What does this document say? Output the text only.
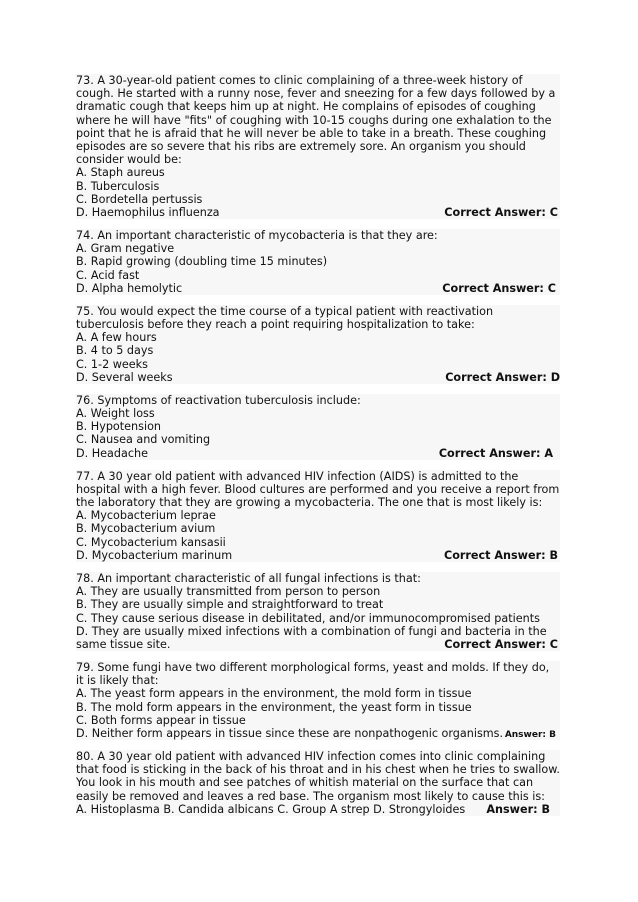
73. A 30-year-old patient comes to clinic complaining of a three-week history of cough. He started with a runny nose, fever and sneezing for a few days followed by a dramatic cough that keeps him up at night. He complains of episodes of coughing where he will have "fits" of coughing with 10-15 coughs during one exhalation to the point that he is afraid that he will never be able to take in a breath. These coughing episodes are so severe that his ribs are extremely sore. An organism you should consider would be:

A. Staph aureus
B. Tuberculosis
C. Bordetella pertussis
D. Haemophilus influenza	Correct Answer: C

74. An important characteristic of mycobacteria is that they are:

A. Gram negative
B. Rapid growing (doubling time 15 minutes)
C. Acid fast
D. Alpha hemolytic	Correct Answer: C

75. You would expect the time course of a typical patient with reactivation tuberculosis before they reach a point requiring hospitalization to take:

A. A few hours
B. 4 to 5 days
C. 1-2 weeks
D. Several weeks	Correct Answer: D

76. Symptoms of reactivation tuberculosis include:

A. Weight loss
B. Hypotension
C. Nausea and vomiting
D. Headache	Correct Answer: A

77. A 30 year old patient with advanced HIV infection (AIDS) is admitted to the hospital with a high fever. Blood cultures are performed and you receive a report from the laboratory that they are growing a mycobacteria. The one that is most likely is:

A. Mycobacterium leprae
B. Mycobacterium avium
C. Mycobacterium kansasii
D. Mycobacterium marinum	Correct Answer: B

78. An important characteristic of all fungal infections is that:

A. They are usually transmitted from person to person
B. They are usually simple and straightforward to treat
C. They cause serious disease in debilitated, and/or immunocompromised patients
D. They are usually mixed infections with a combination of fungi and bacteria in the same tissue site.	Correct Answer: C

79. Some fungi have two different morphological forms, yeast and molds. If they do, it is likely that:

A. The yeast form appears in the environment, the mold form in tissue
B. The mold form appears in the environment, the yeast form in tissue
C. Both forms appear in tissue
D. Neither form appears in tissue since these are nonpathogenic organisms. Answer: B

80. A 30 year old patient with advanced HIV infection comes into clinic complaining that food is sticking in the back of his throat and in his chest when he tries to swallow. You look in his mouth and see patches of whitish material on the surface that can easily be removed and leaves a red base. The organism most likely to cause this is:

A. Histoplasma B. Candida albicans C. Group A strep D. Strongyloides Answer: B
